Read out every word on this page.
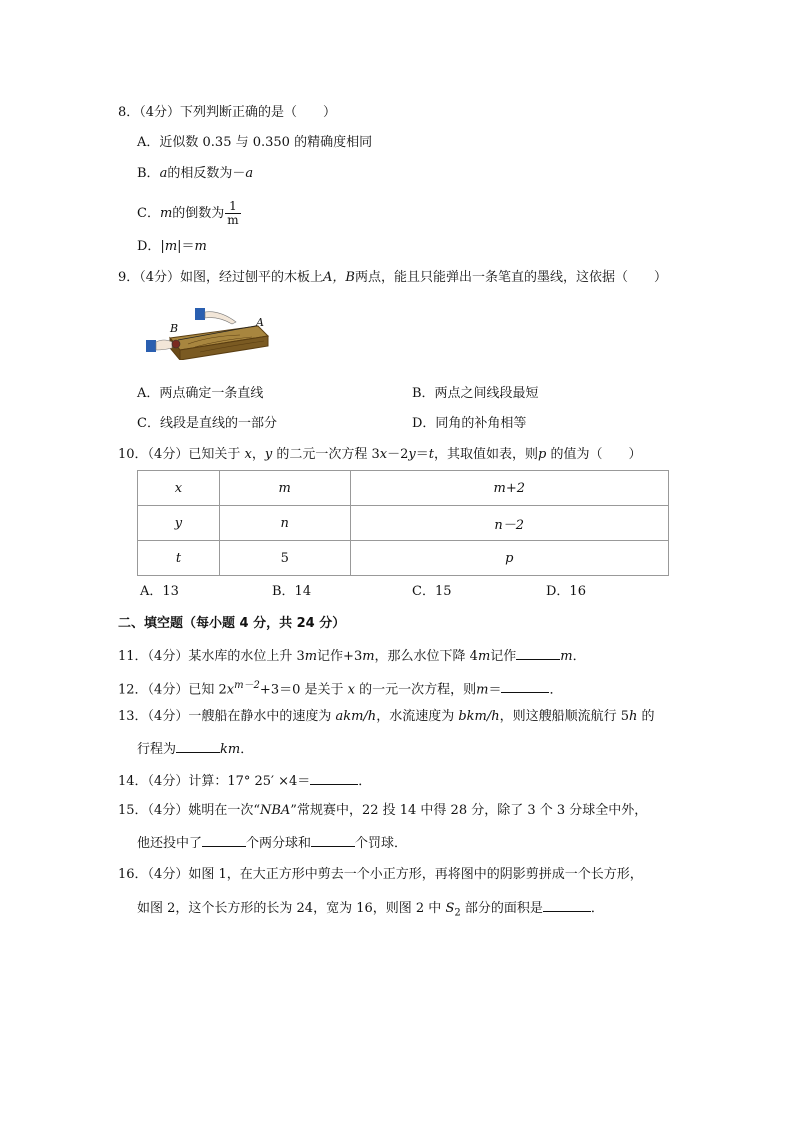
8．（4分）下列判断正确的是（　　）
A．近似数 0.35 与 0.350 的精确度相同
B．a的相反数为－a
C．m的倒数为 $\frac{1}{m}$
D．|m|＝m
9．（4分）如图，经过刨平的木板上A，B两点，能且只能弹出一条笔直的墨线，这依据（　　）
B	A
A．两点确定一条直线	B．两点之间线段最短
C．线段是直线的一部分	D．同角的补角相等
10．（4分）已知关于 x，y 的二元一次方程 3x－2y＝t，其取值如表，则p 的值为（　　）
x	m	m+2
y	n	n－2
t	5	p
A．13	B．14	C．15	D．16
二、填空题（每小题 4 分，共 24 分）
11．（4分）某水库的水位上升 3m记作+3m，那么水位下降 4m记作	m．
12．（4分）已知 $2x^{m-2}+3=0$ 是关于 x 的一元一次方程，则m＝	．
13．（4分）一艘船在静水中的速度为 akm/h，水流速度为 bkm/h，则这艘船顺流航行 5h 的
行程为	km．
14．（4分）计算：17° 25′ ×4＝	．
15．（4分）姚明在一次“NBA”常规赛中，22 投 14 中得 28 分，除了 3 个 3 分球全中外，
他还投中了	个两分球和	个罚球．
16．（4分）如图 1，在大正方形中剪去一个小正方形，再将图中的阴影剪拼成一个长方形，
如图 2，这个长方形的长为 24，宽为 16，则图 2 中 $S_2$ 部分的面积是	．
